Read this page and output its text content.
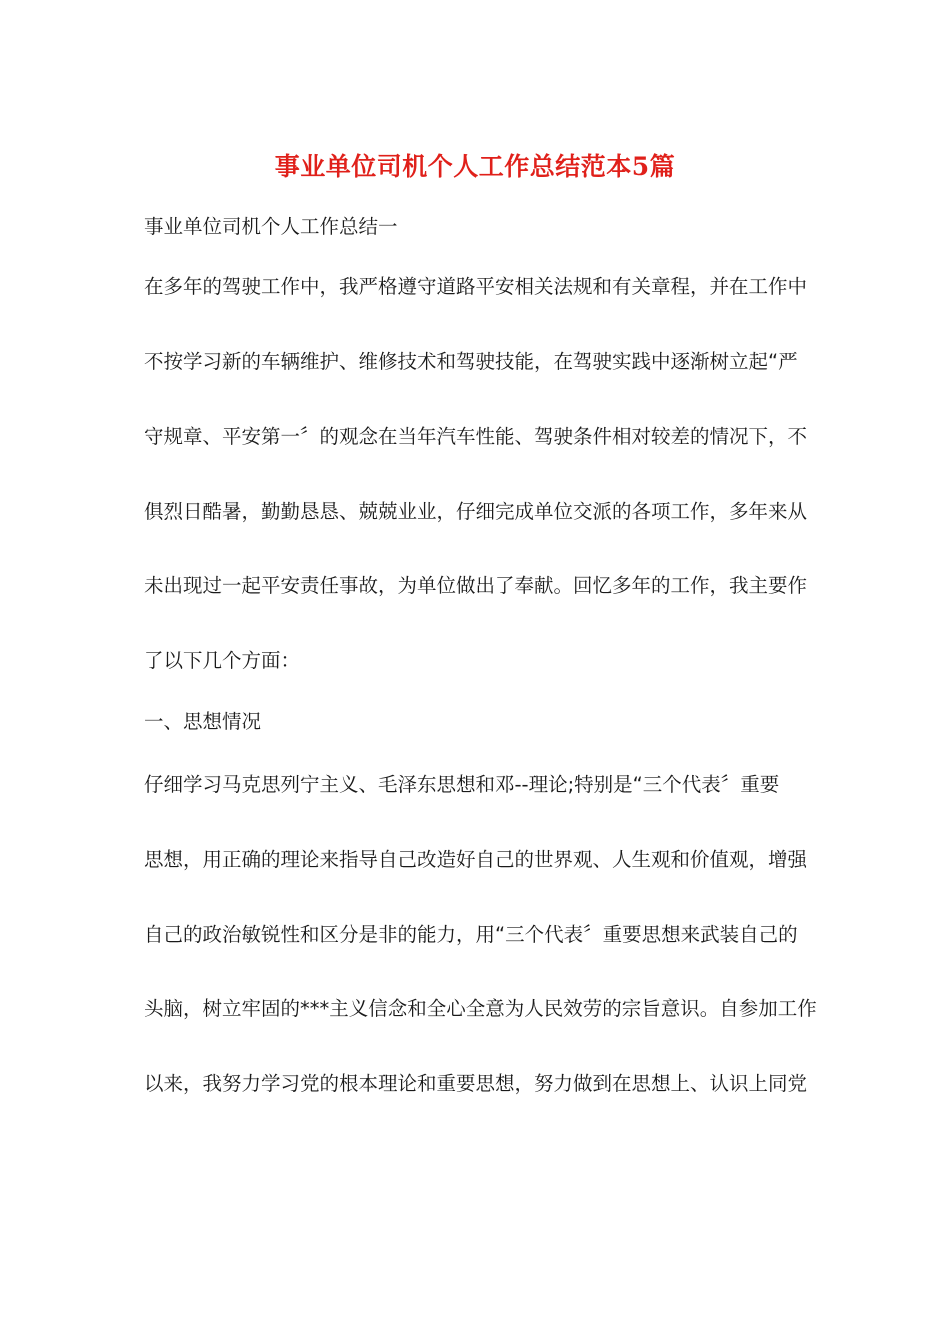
事业单位司机个人工作总结范本5篇
事业单位司机个人工作总结一
在多年的驾驶工作中，我严格遵守道路平安相关法规和有关章程，并在工作中
不按学习新的车辆维护、维修技术和驾驶技能，在驾驶实践中逐渐树立起“严
守规章、平安第一〞的观念在当年汽车性能、驾驶条件相对较差的情况下，不
俱烈日酷暑，勤勤恳恳、兢兢业业，仔细完成单位交派的各项工作，多年来从
未出现过一起平安责任事故，为单位做出了奉献。回忆多年的工作，我主要作
了以下几个方面：
一、思想情况
仔细学习马克思列宁主义、毛泽东思想和邓--理论;特别是“三个代表〞重要
思想，用正确的理论来指导自己改造好自己的世界观、人生观和价值观，增强
自己的政治敏锐性和区分是非的能力，用“三个代表〞重要思想来武装自己的
头脑，树立牢固的***主义信念和全心全意为人民效劳的宗旨意识。自参加工作
以来，我努力学习党的根本理论和重要思想，努力做到在思想上、认识上同党
